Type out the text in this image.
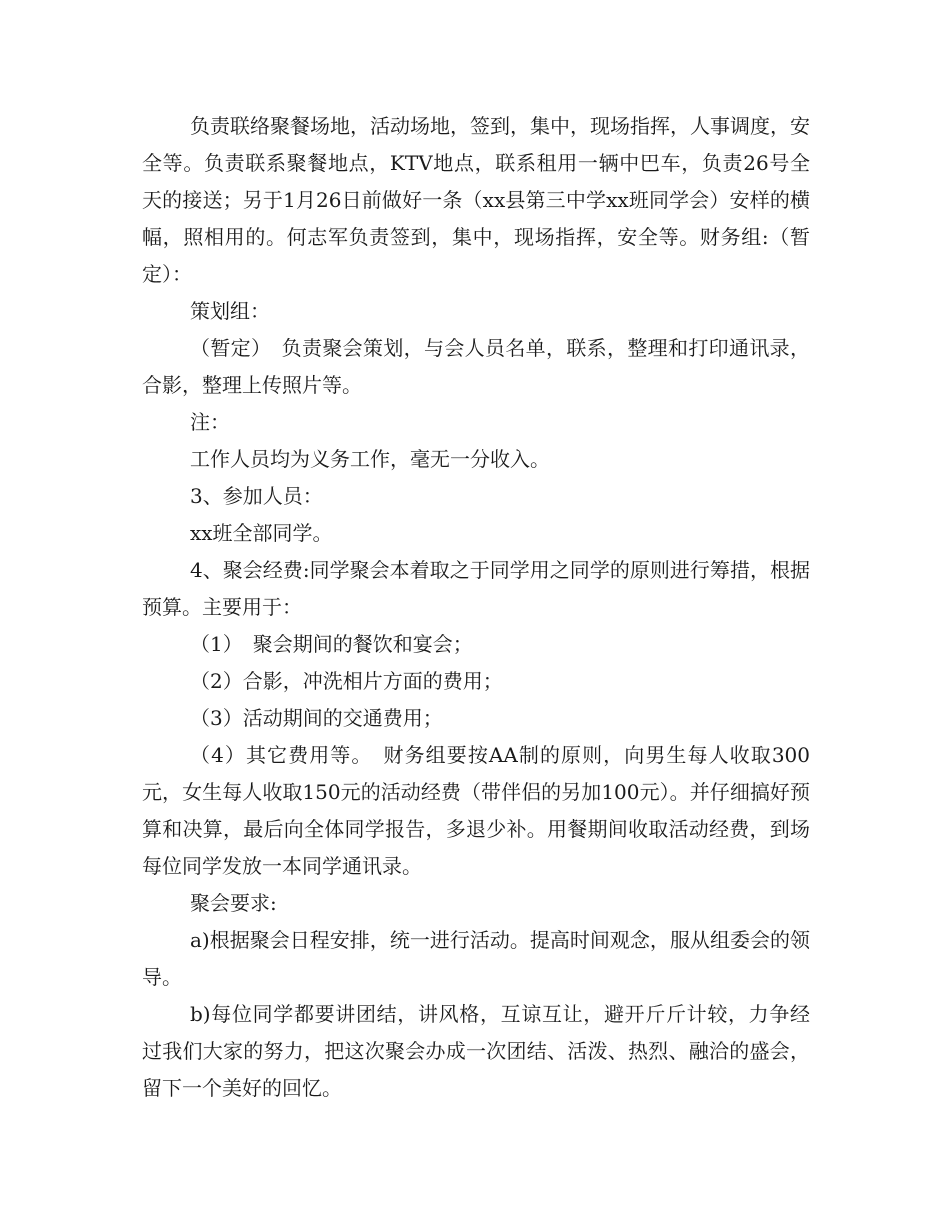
负责联络聚餐场地，活动场地，签到，集中，现场指挥，人事调度，安全等。负责联系聚餐地点，KTV地点，联系租用一辆中巴车，负责26号全天的接送；另于1月26日前做好一条（xx县第三中学xx班同学会）安样的横幅，照相用的。何志军负责签到，集中，现场指挥，安全等。财务组:（暂定）：

策划组：

（暂定）　负责聚会策划，与会人员名单，联系，整理和打印通讯录，合影，整理上传照片等。

注：

工作人员均为义务工作，毫无一分收入。

3、参加人员：

xx班全部同学。

4、聚会经费:同学聚会本着取之于同学用之同学的原则进行筹措，根据预算。主要用于：

（1）　聚会期间的餐饮和宴会；

（2）合影，冲洗相片方面的费用；

（3）活动期间的交通费用；

（4）其它费用等。　财务组要按AA制的原则，向男生每人收取300元，女生每人收取150元的活动经费（带伴侣的另加100元）。并仔细搞好预算和决算，最后向全体同学报告，多退少补。用餐期间收取活动经费，到场每位同学发放一本同学通讯录。

聚会要求:

a)根据聚会日程安排，统一进行活动。提高时间观念，服从组委会的领导。

b)每位同学都要讲团结，讲风格，互谅互让，避开斤斤计较，力争经过我们大家的努力，把这次聚会办成一次团结、活泼、热烈、融洽的盛会，留下一个美好的回忆。
